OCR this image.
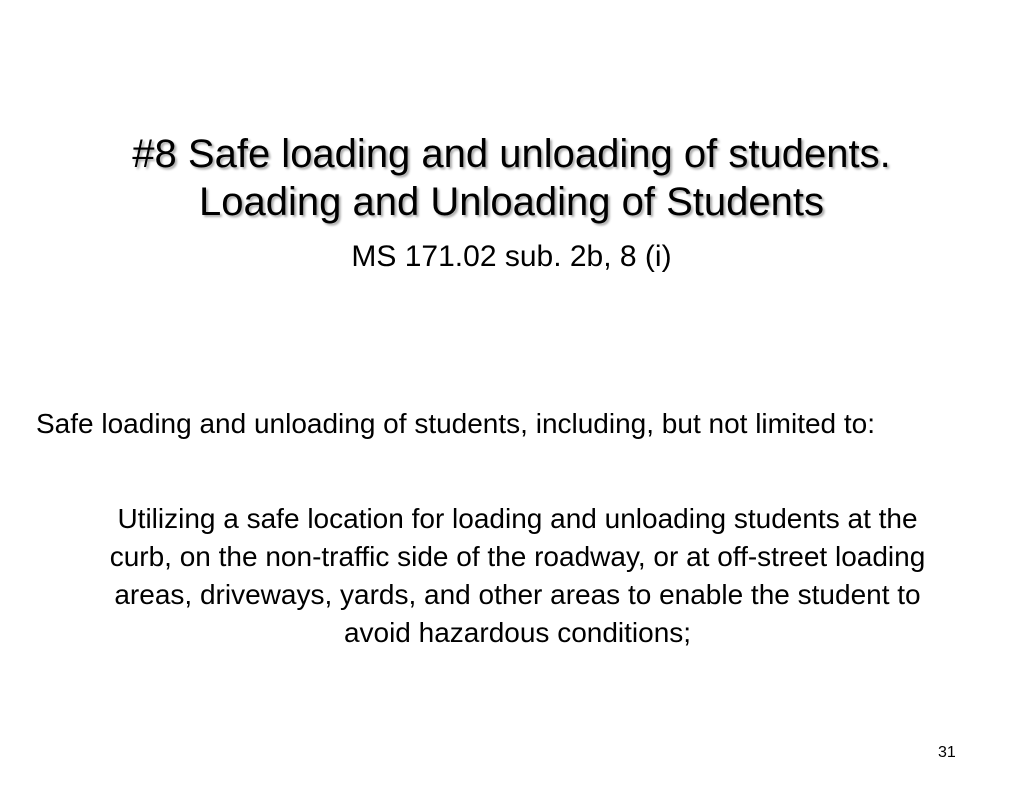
#8 Safe loading and unloading of students.
Loading and Unloading of Students
MS 171.02 sub. 2b, 8 (i)
Safe loading and unloading of students, including, but not limited to:
Utilizing a safe location for loading and unloading students at the curb, on the non-traffic side of the roadway, or at off-street loading areas, driveways, yards, and other areas to enable the student to avoid hazardous conditions;
31
